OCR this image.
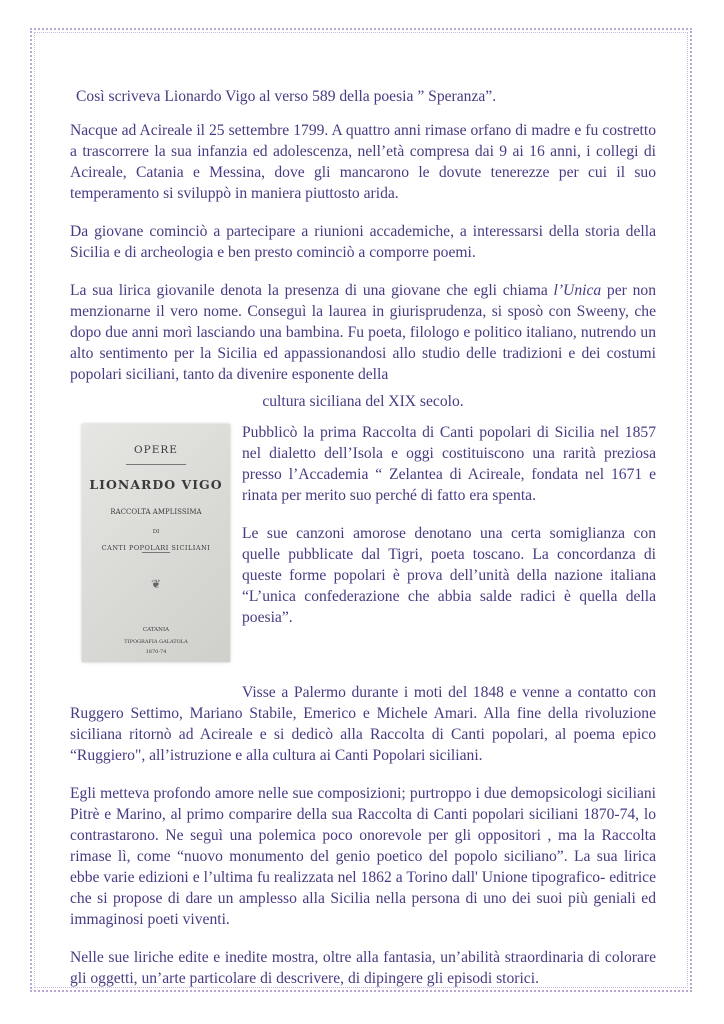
Così scriveva Lionardo Vigo al verso 589 della poesia ” Speranza”.

Nacque ad Acireale il 25 settembre 1799. A quattro anni rimase orfano di madre e fu costretto a trascorrere la sua infanzia ed adolescenza, nell’età compresa dai 9 ai 16 anni, i collegi di Acireale, Catania e Messina, dove gli mancarono le dovute tenerezze per cui il suo temperamento si sviluppò in maniera piuttosto arida.

Da giovane cominciò a partecipare a riunioni accademiche, a interessarsi della storia della Sicilia e di archeologia e ben presto cominciò a comporre poemi.

La sua lirica giovanile denota la presenza di una giovane che egli chiama l’Unica per non menzionarne il vero nome. Conseguì la laurea in giurisprudenza, si sposò con Sweeny, che dopo due anni morì lasciando una bambina. Fu poeta, filologo e politico italiano, nutrendo un alto sentimento per la Sicilia ed appassionandosi allo studio delle tradizioni e dei costumi popolari siciliani, tanto da divenire esponente della

cultura siciliana del XIX secolo.

OPERE
LIONARDO VIGO
RACCOLTA AMPLISSIMA
DI
CANTI POPOLARI SICILIANI
❦
CATANIA
TIPOGRAFIA GALATOLA
1870-74

Pubblicò la prima Raccolta di Canti popolari di Sicilia nel 1857 nel dialetto dell’Isola e oggi costituiscono una rarità preziosa presso l’Accademia “ Zelantea di Acireale, fondata nel 1671 e rinata per merito suo perché di fatto era spenta.

Le sue canzoni amorose denotano una certa somiglianza con quelle pubblicate dal Tigri, poeta toscano. La concordanza di queste forme popolari è prova dell’unità della nazione italiana “L’unica confederazione che abbia salde radici è quella della poesia”.

Visse a Palermo durante i moti del 1848 e venne a contatto con Ruggero Settimo, Mariano Stabile, Emerico e Michele Amari. Alla fine della rivoluzione siciliana ritornò ad Acireale e si dedicò alla Raccolta di Canti popolari, al poema epico “Ruggiero", all’istruzione e alla cultura ai Canti Popolari siciliani.

Egli metteva profondo amore nelle sue composizioni; purtroppo i due demopsicologi siciliani Pitrè e Marino, al primo comparire della sua Raccolta di Canti popolari siciliani 1870-74, lo contrastarono. Ne seguì una polemica poco onorevole per gli oppositori , ma la Raccolta rimase lì, come “nuovo monumento del genio poetico del popolo siciliano”. La sua lirica ebbe varie edizioni e l’ultima fu realizzata nel 1862 a Torino dall' Unione tipografico- editrice che si propose di dare un amplesso alla Sicilia nella persona di uno dei suoi più geniali ed immaginosi poeti viventi.

Nelle sue liriche edite e inedite mostra, oltre alla fantasia, un’abilità straordinaria di colorare gli oggetti, un’arte particolare di descrivere, di dipingere gli episodi storici.
